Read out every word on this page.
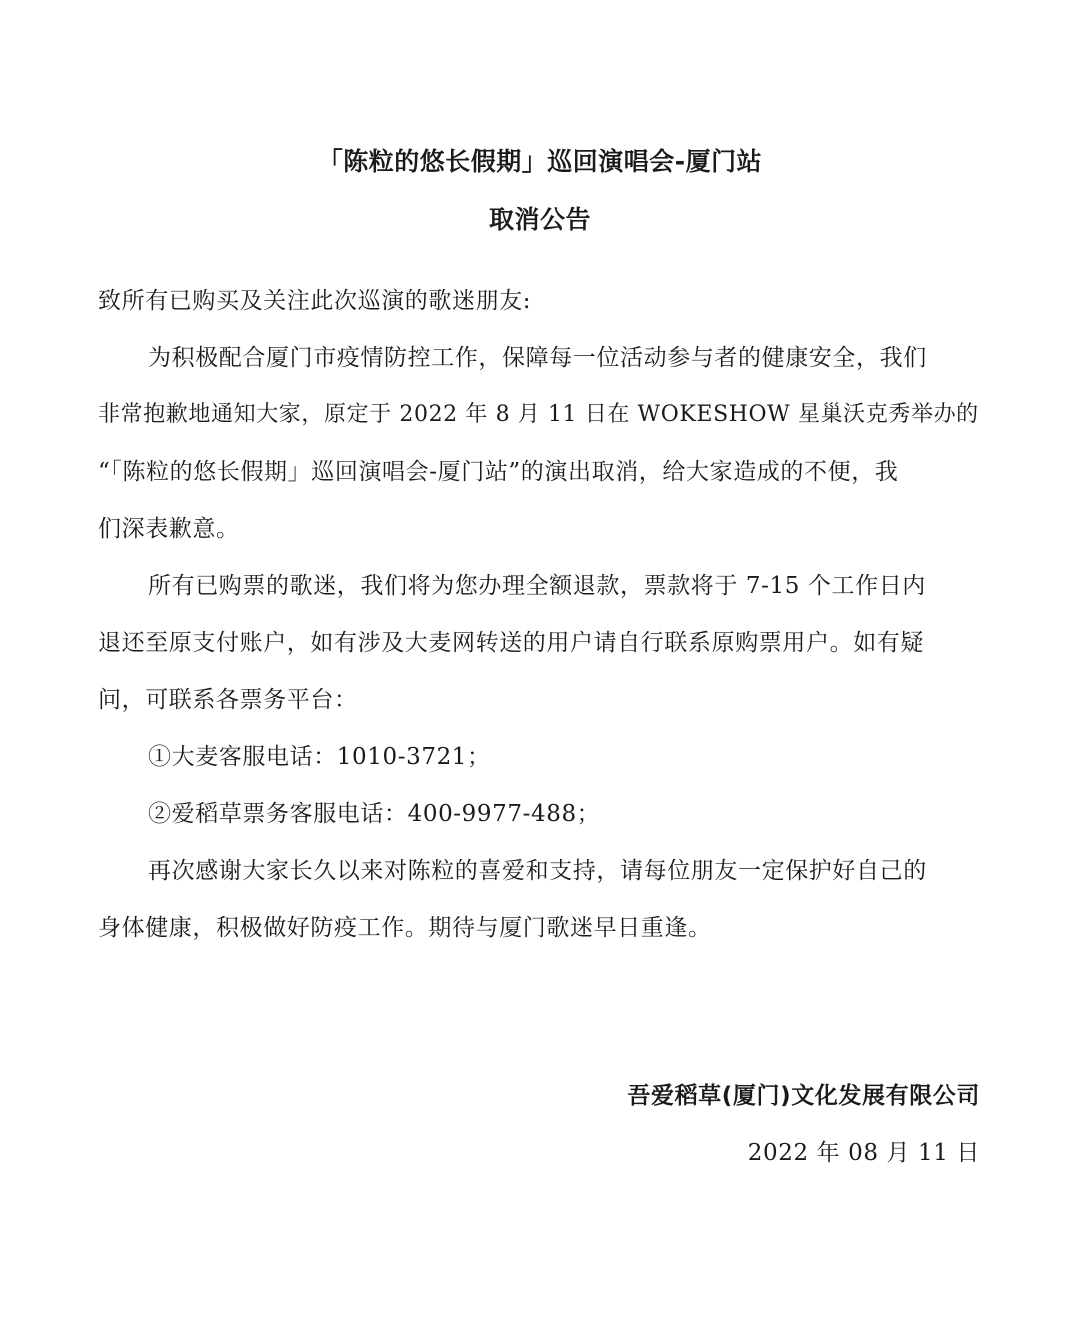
「陈粒的悠长假期」巡回演唱会-厦门站
取消公告
致所有已购买及关注此次巡演的歌迷朋友:
为积极配合厦门市疫情防控工作，保障每一位活动参与者的健康安全，我们
非常抱歉地通知大家，原定于 2022 年 8 月 11 日在 WOKESHOW 星巢沃克秀举办的
“「陈粒的悠长假期」巡回演唱会-厦门站”的演出取消，给大家造成的不便，我
们深表歉意。
所有已购票的歌迷，我们将为您办理全额退款，票款将于 7-15 个工作日内
退还至原支付账户，如有涉及大麦网转送的用户请自行联系原购票用户。如有疑
问，可联系各票务平台：
①大麦客服电话：1010-3721；
②爱稻草票务客服电话：400-9977-488；
再次感谢大家长久以来对陈粒的喜爱和支持，请每位朋友一定保护好自己的
身体健康，积极做好防疫工作。期待与厦门歌迷早日重逢。
吾爱稻草(厦门)文化发展有限公司
2022 年 08 月 11 日
